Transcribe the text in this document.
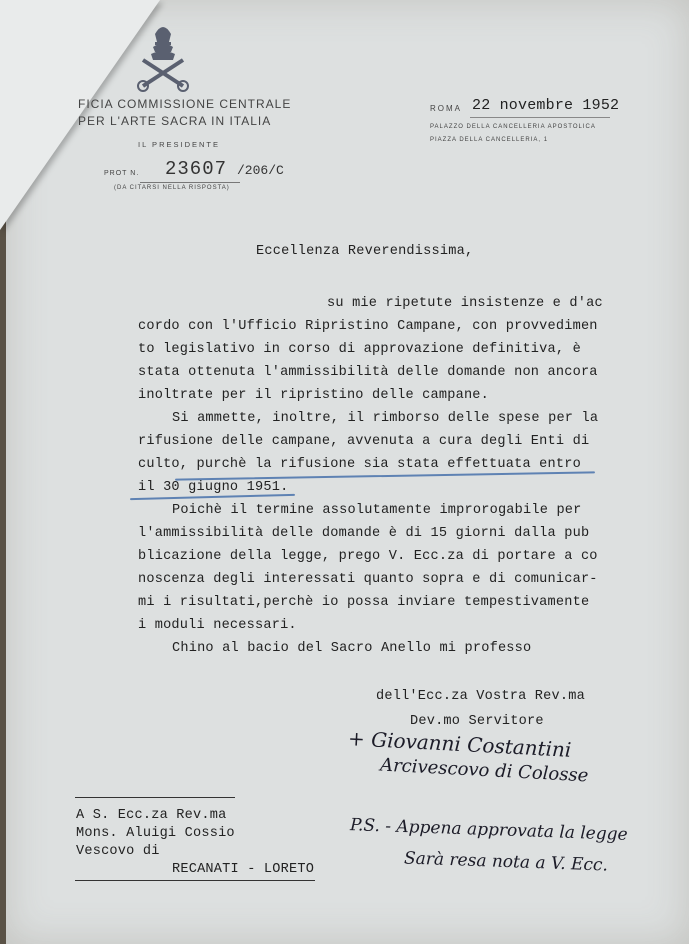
FICIA COMMISSIONE CENTRALE
PER L'ARTE SACRA IN ITALIA
IL PRESIDENTE
PROT N. 23607 /206/C
(DA CITARSI NELLA RISPOSTA)
ROMA 22 novembre 1952
PALAZZO DELLA CANCELLERIA APOSTOLICA
PIAZZA DELLA CANCELLERIA, 1
Eccellenza Reverendissima,
su mie ripetute insistenze e d'ac
cordo con l'Ufficio Ripristino Campane, con provvedimen
to legislativo in corso di approvazione definitiva, è
stata ottenuta l'ammissibilità delle domande non ancora
inoltrate per il ripristino delle campane.
Si ammette, inoltre, il rimborso delle spese per la
rifusione delle campane, avvenuta a cura degli Enti di
culto, purchè la rifusione sia stata effettuata entro
il 30 giugno 1951.
Poichè il termine assolutamente improrogabile per
l'ammissibilità delle domande è di 15 giorni dalla pub
blicazione della legge, prego V. Ecc.za di portare a co
noscenza degli interessati quanto sopra e di comunicar-
mi i risultati,perchè io possa inviare tempestivamente
i moduli necessari.
Chino al bacio del Sacro Anello mi professo
dell'Ecc.za Vostra Rev.ma
Dev.mo Servitore
+ Giovanni Costantini
Arcivescovo di Colosse
A S. Ecc.za Rev.ma
Mons. Aluigi Cossio
Vescovo di
RECANATI - LORETO
P.S. - Appena approvata la legge
Sarà resa nota a V. Ecc.
